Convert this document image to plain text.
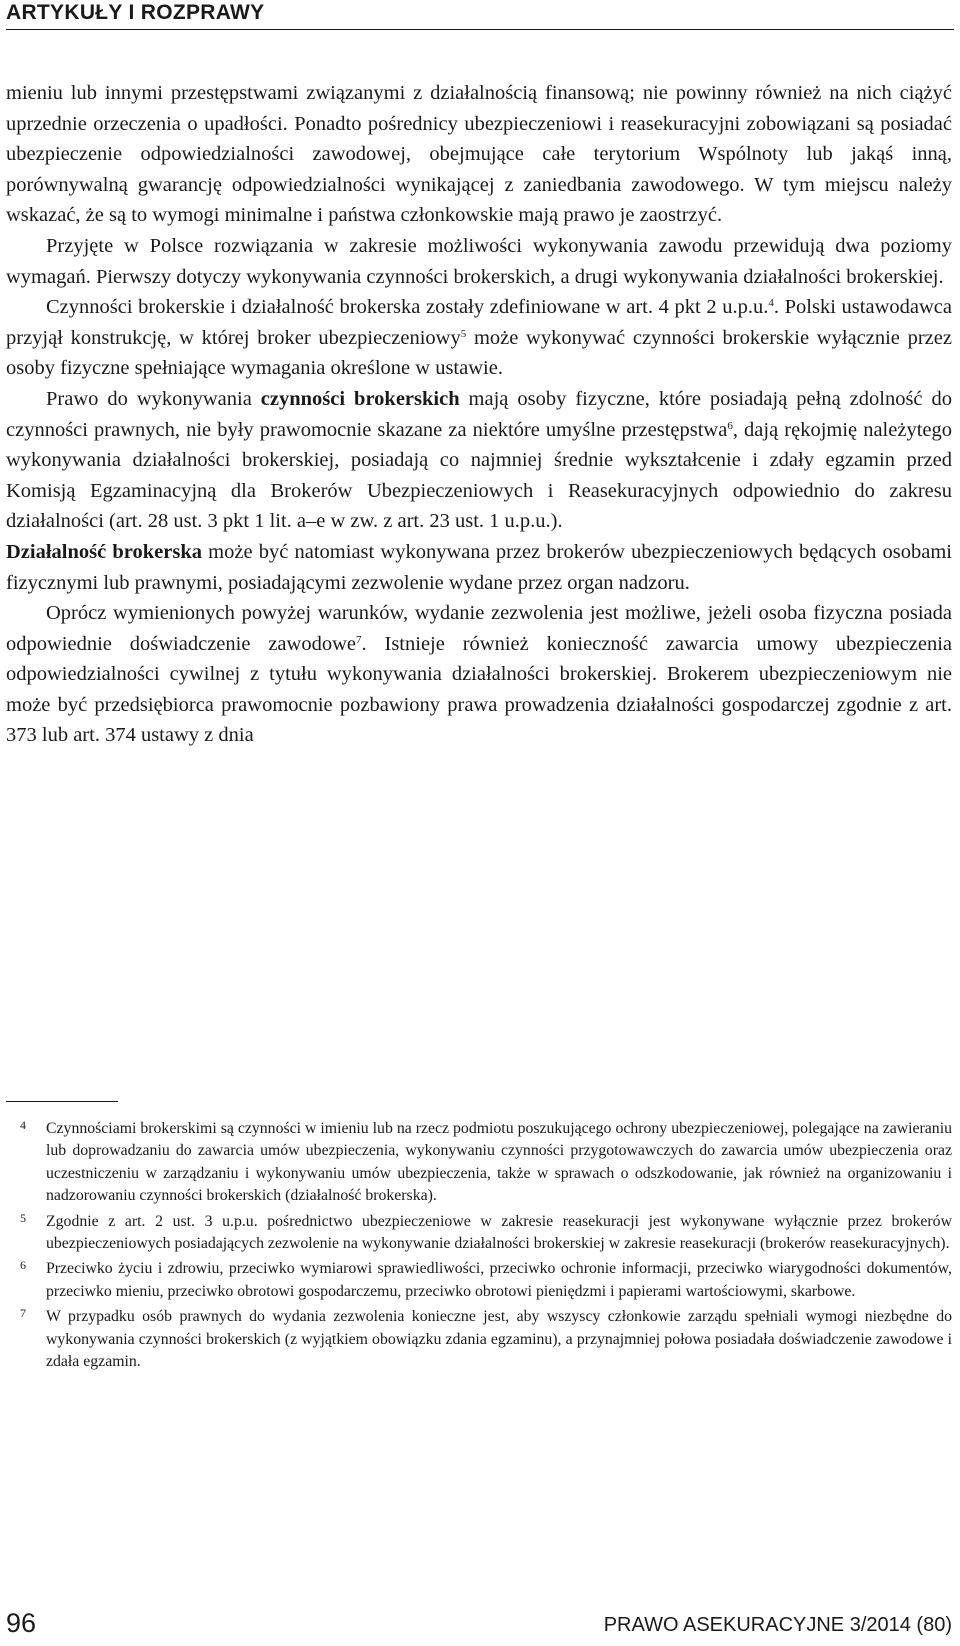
ARTYKUŁY I ROZPRAWY

mieniu lub innymi przestępstwami związanymi z działalnością finansową; nie powinny również na nich ciążyć uprzednie orzeczenia o upadłości. Ponadto pośrednicy ubezpieczeniowi i reasekuracyjni zobowiązani są posiadać ubezpieczenie odpowiedzialności zawodowej, obejmujące całe terytorium Wspólnoty lub jakąś inną, porównywalną gwarancję odpowiedzialności wynikającej z zaniedbania zawodowego. W tym miejscu należy wskazać, że są to wymogi minimalne i państwa członkowskie mają prawo je zaostrzyć.

Przyjęte w Polsce rozwiązania w zakresie możliwości wykonywania zawodu przewidują dwa poziomy wymagań. Pierwszy dotyczy wykonywania czynności brokerskich, a drugi wykonywania działalności brokerskiej.

Czynności brokerskie i działalność brokerska zostały zdefiniowane w art. 4 pkt 2 u.p.u.$^4$. Polski ustawodawca przyjął konstrukcję, w której broker ubezpieczeniowy$^5$ może wykonywać czynności brokerskie wyłącznie przez osoby fizyczne spełniające wymagania określone w ustawie.

Prawo do wykonywania czynności brokerskich mają osoby fizyczne, które posiadają pełną zdolność do czynności prawnych, nie były prawomocnie skazane za niektóre umyślne przestępstwa$^6$, dają rękojmię należytego wykonywania działalności brokerskiej, posiadają co najmniej średnie wykształcenie i zdały egzamin przed Komisją Egzaminacyjną dla Brokerów Ubezpieczeniowych i Reasekuracyjnych odpowiednio do zakresu działalności (art. 28 ust. 3 pkt 1 lit. a–e w zw. z art. 23 ust. 1 u.p.u.).

Działalność brokerska może być natomiast wykonywana przez brokerów ubezpieczeniowych będących osobami fizycznymi lub prawnymi, posiadającymi zezwolenie wydane przez organ nadzoru.

Oprócz wymienionych powyżej warunków, wydanie zezwolenia jest możliwe, jeżeli osoba fizyczna posiada odpowiednie doświadczenie zawodowe$^7$. Istnieje również konieczność zawarcia umowy ubezpieczenia odpowiedzialności cywilnej z tytułu wykonywania działalności brokerskiej. Brokerem ubezpieczeniowym nie może być przedsiębiorca prawomocnie pozbawiony prawa prowadzenia działalności gospodarczej zgodnie z art. 373 lub art. 374 ustawy z dnia

4 Czynnościami brokerskimi są czynności w imieniu lub na rzecz podmiotu poszukującego ochrony ubezpieczeniowej, polegające na zawieraniu lub doprowadzaniu do zawarcia umów ubezpieczenia, wykonywaniu czynności przygotowawczych do zawarcia umów ubezpieczenia oraz uczestniczeniu w zarządzaniu i wykonywaniu umów ubezpieczenia, także w sprawach o odszkodowanie, jak również na organizowaniu i nadzorowaniu czynności brokerskich (działalność brokerska).
5 Zgodnie z art. 2 ust. 3 u.p.u. pośrednictwo ubezpieczeniowe w zakresie reasekuracji jest wykonywane wyłącznie przez brokerów ubezpieczeniowych posiadających zezwolenie na wykonywanie działalności brokerskiej w zakresie reasekuracji (brokerów reasekuracyjnych).
6 Przeciwko życiu i zdrowiu, przeciwko wymiarowi sprawiedliwości, przeciwko ochronie informacji, przeciwko wiarygodności dokumentów, przeciwko mieniu, przeciwko obrotowi gospodarczemu, przeciwko obrotowi pieniędzmi i papierami wartościowymi, skarbowe.
7 W przypadku osób prawnych do wydania zezwolenia konieczne jest, aby wszyscy członkowie zarządu spełniali wymogi niezbędne do wykonywania czynności brokerskich (z wyjątkiem obowiązku zdania egzaminu), a przynajmniej połowa posiadała doświadczenie zawodowe i zdała egzamin.
96	PRAWO ASEKURACYJNE 3/2014 (80)
